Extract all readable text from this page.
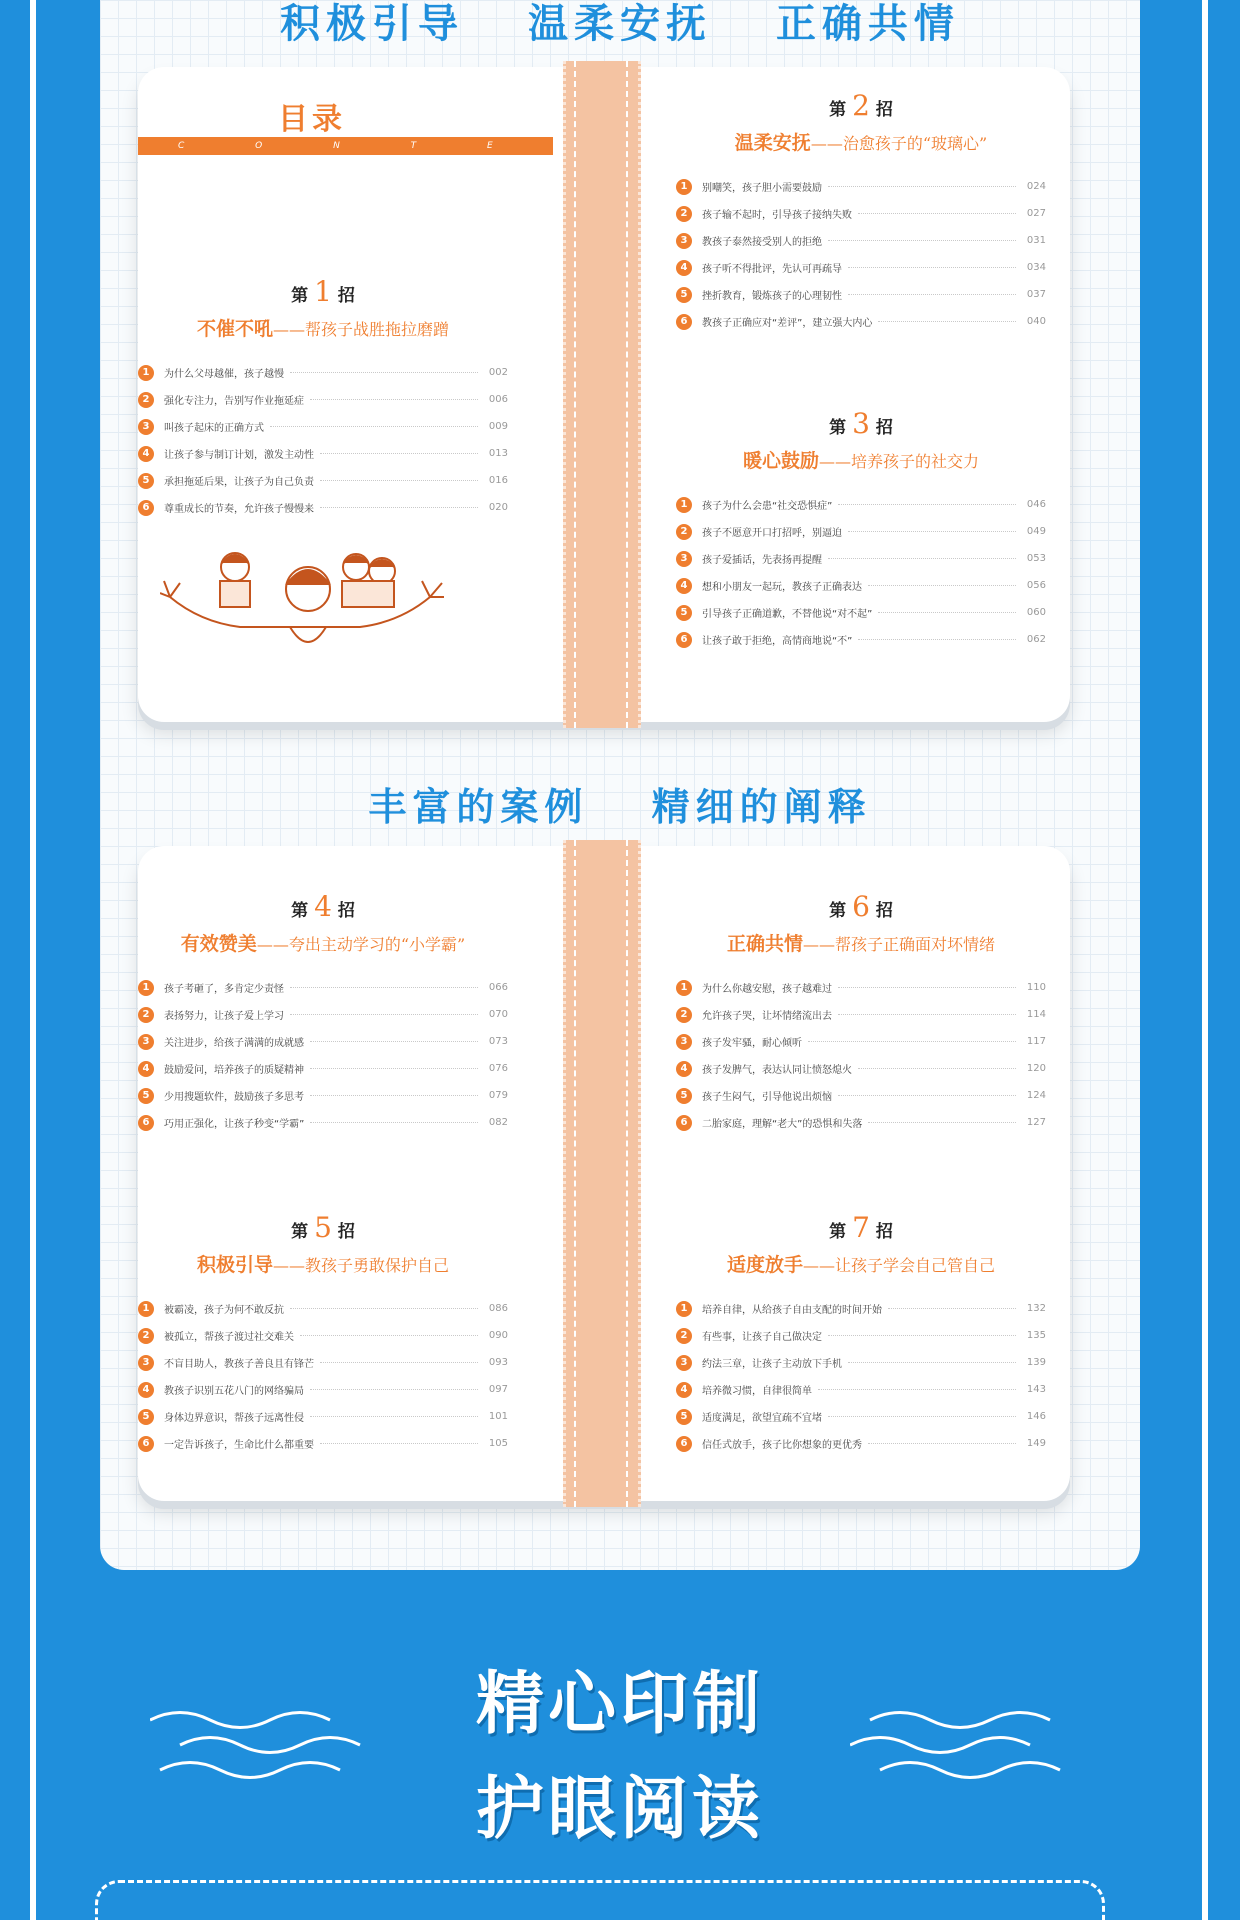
积极引导 温柔安抚 正确共情
目录
C O N T E N T S
第 1 招
不催不吼——帮孩子战胜拖拉磨蹭
1	为什么父母越催，孩子越慢	002
2	强化专注力，告别写作业拖延症	006
3	叫孩子起床的正确方式	009
4	让孩子参与制订计划，激发主动性	013
5	承担拖延后果，让孩子为自己负责	016
6	尊重成长的节奏，允许孩子慢慢来	020
第 2 招
温柔安抚——治愈孩子的“玻璃心”
1	别嘲笑，孩子胆小需要鼓励	024
2	孩子输不起时，引导孩子接纳失败	027
3	教孩子泰然接受别人的拒绝	031
4	孩子听不得批评，先认可再疏导	034
5	挫折教育，锻炼孩子的心理韧性	037
6	教孩子正确应对“差评”，建立强大内心	040
第 3 招
暖心鼓励——培养孩子的社交力
1	孩子为什么会患“社交恐惧症”	046
2	孩子不愿意开口打招呼，别逼迫	049
3	孩子爱插话，先表扬再提醒	053
4	想和小朋友一起玩，教孩子正确表达	056
5	引导孩子正确道歉，不替他说“对不起”	060
6	让孩子敢于拒绝，高情商地说“不”	062
丰富的案例 精细的阐释
第 4 招
有效赞美——夸出主动学习的“小学霸”
1	孩子考砸了，多肯定少责怪	066
2	表扬努力，让孩子爱上学习	070
3	关注进步，给孩子满满的成就感	073
4	鼓励爱问，培养孩子的质疑精神	076
5	少用搜题软件，鼓励孩子多思考	079
6	巧用正强化，让孩子秒变“学霸”	082
第 5 招
积极引导——教孩子勇敢保护自己
1	被霸凌，孩子为何不敢反抗	086
2	被孤立，帮孩子渡过社交难关	090
3	不盲目助人，教孩子善良且有锋芒	093
4	教孩子识别五花八门的网络骗局	097
5	身体边界意识，帮孩子远离性侵	101
6	一定告诉孩子，生命比什么都重要	105
第 6 招
正确共情——帮孩子正确面对坏情绪
1	为什么你越安慰，孩子越难过	110
2	允许孩子哭，让坏情绪流出去	114
3	孩子发牢骚，耐心倾听	117
4	孩子发脾气，表达认同让愤怒熄火	120
5	孩子生闷气，引导他说出烦恼	124
6	二胎家庭，理解“老大”的恐惧和失落	127
第 7 招
适度放手——让孩子学会自己管自己
1	培养自律，从给孩子自由支配的时间开始	132
2	有些事，让孩子自己做决定	135
3	约法三章，让孩子主动放下手机	139
4	培养微习惯，自律很简单	143
5	适度满足，欲望宜疏不宜堵	146
6	信任式放手，孩子比你想象的更优秀	149
精心印制
护眼阅读
